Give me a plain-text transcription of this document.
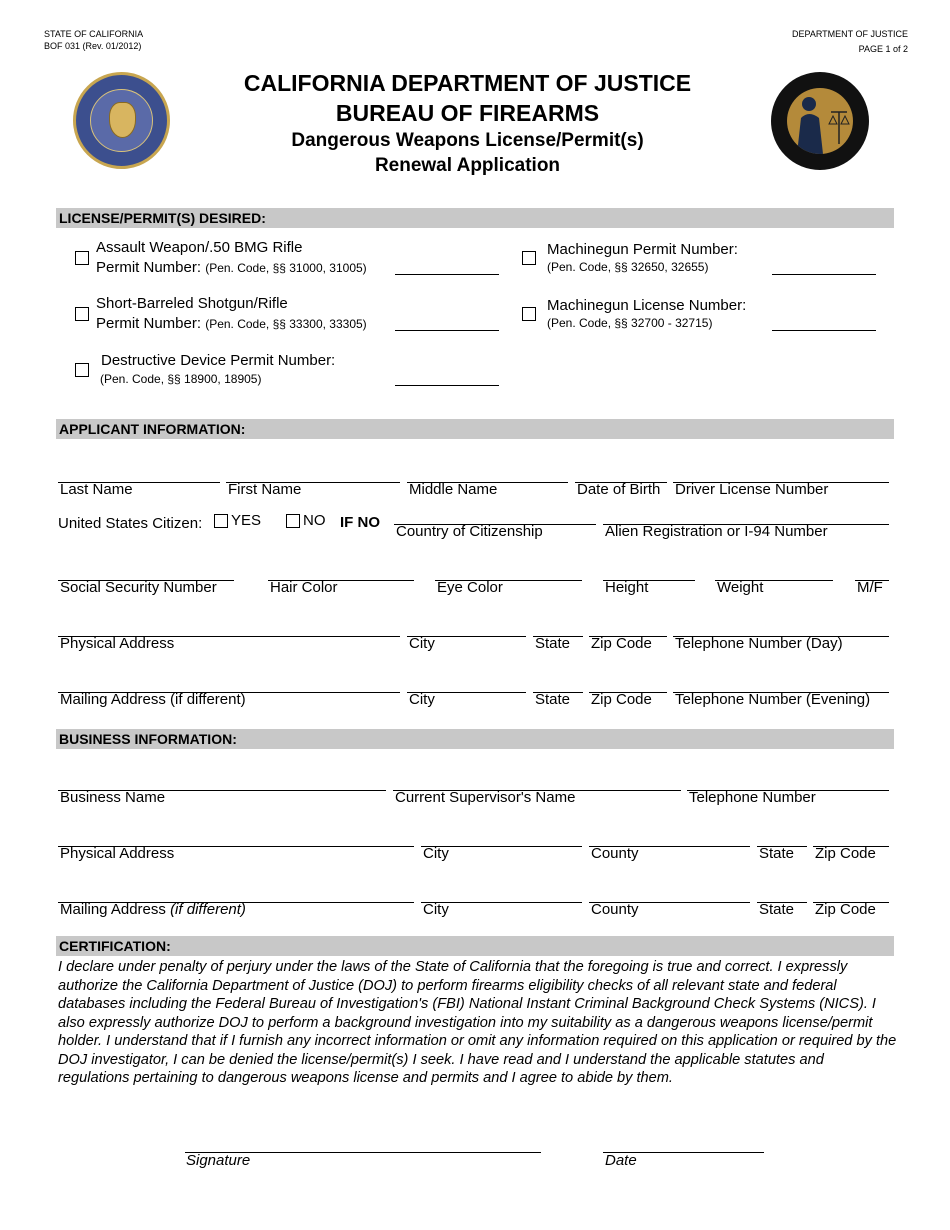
STATE OF CALIFORNIA
BOF 031 (Rev. 01/2012)
DEPARTMENT OF JUSTICE
PAGE 1 of 2
CALIFORNIA DEPARTMENT OF JUSTICE
BUREAU OF FIREARMS
Dangerous Weapons License/Permit(s)
Renewal Application
LICENSE/PERMIT(S) DESIRED:
Assault Weapon/.50 BMG Rifle
Permit Number: (Pen. Code, §§ 31000, 31005)
Short-Barreled Shotgun/Rifle
Permit Number: (Pen. Code, §§ 33300, 33305)
Destructive Device Permit Number:
(Pen. Code, §§ 18900, 18905)
Machinegun Permit Number:
(Pen. Code, §§ 32650, 32655)
Machinegun License Number:
(Pen. Code, §§ 32700 - 32715)
APPLICANT INFORMATION:
Last Name	First Name	Middle Name	Date of Birth Driver License Number
United States Citizen: YES	NO IF NO
Country of Citizenship	Alien Registration or I-94 Number
Social Security Number	Hair Color	Eye Color	Height	Weight	M/F
Physical Address	City	State Zip Code Telephone Number (Day)
Mailing Address (if different)	City	State Zip Code Telephone Number (Evening)
BUSINESS INFORMATION:
Business Name	Current Supervisor's Name	Telephone Number
Physical Address	City	County	State Zip Code
Mailing Address (if different)	City	County	State Zip Code
CERTIFICATION:
I declare under penalty of perjury under the laws of the State of California that the foregoing is true and correct. I expressly authorize the California Department of Justice (DOJ) to perform firearms eligibility checks of all relevant state and federal databases including the Federal Bureau of Investigation's (FBI) National Instant Criminal Background Check Systems (NICS). I also expressly authorize DOJ to perform a background investigation into my suitability as a dangerous weapons license/permit holder. I understand that if I furnish any incorrect information or omit any information required on this application or required by the DOJ investigator, I can be denied the license/permit(s) I seek. I have read and I understand the applicable statutes and regulations pertaining to dangerous weapons license and permits and I agree to abide by them.
Signature	Date
